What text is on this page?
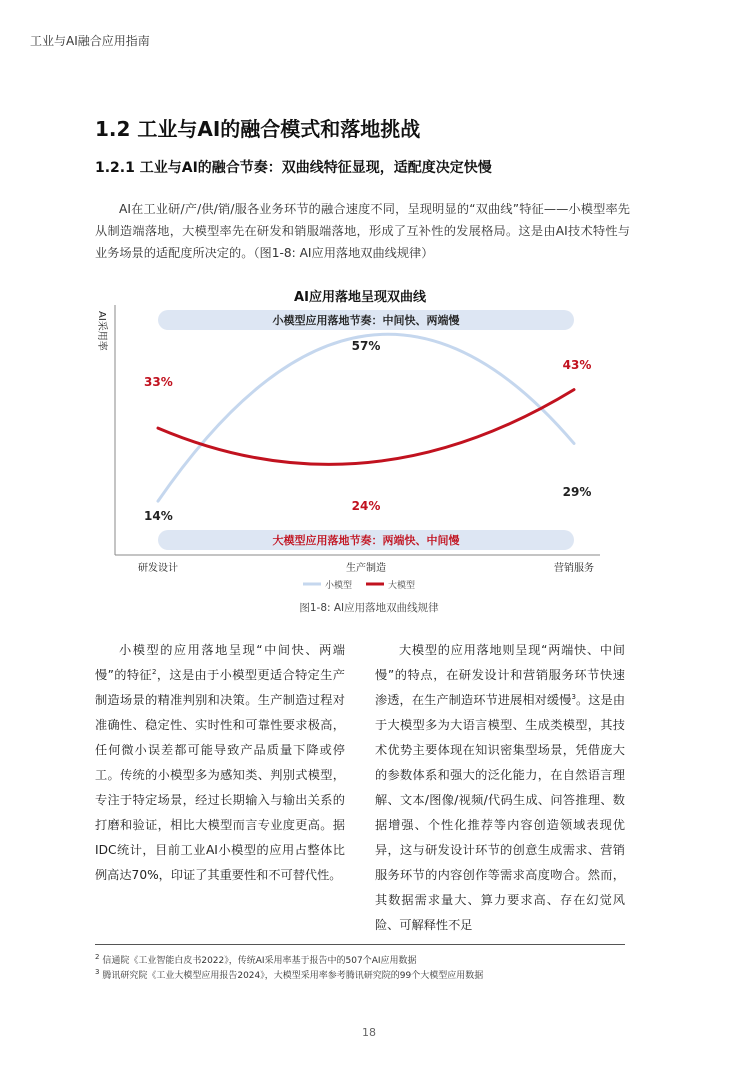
工业与AI融合应用指南
1.2 工业与AI的融合模式和落地挑战
1.2.1 工业与AI的融合节奏：双曲线特征显现，适配度决定快慢

AI在工业研/产/供/销/服各业务环节的融合速度不同，呈现明显的“双曲线”特征——小模型率先从制造端落地，大模型率先在研发和销服端落地，形成了互补性的发展格局。这是由AI技术特性与业务场景的适配度所决定的。（图1-8: AI应用落地双曲线规律）

AI应用落地呈现双曲线
小模型应用落地节奏：中间快、两端慢
大模型应用落地节奏：两端快、中间慢
AI采用率
研发设计	生产制造	营销服务
14%
57%
29%
33%
24%
43%
小模型	大模型
图1-8: AI应用落地双曲线规律

小模型的应用落地呈现“中间快、两端慢”的特征$^2$，这是由于小模型更适合特定生产制造场景的精准判别和决策。生产制造过程对准确性、稳定性、实时性和可靠性要求极高，任何微小误差都可能导致产品质量下降或停工。传统的小模型多为感知类、判别式模型，专注于特定场景，经过长期输入与输出关系的打磨和验证，相比大模型而言专业度更高。据IDC统计，目前工业AI小模型的应用占整体比例高达70%，印证了其重要性和不可替代性。

大模型的应用落地则呈现“两端快、中间慢”的特点，在研发设计和营销服务环节快速渗透，在生产制造环节进展相对缓慢$^3$。这是由于大模型多为大语言模型、生成类模型，其技术优势主要体现在知识密集型场景，凭借庞大的参数体系和强大的泛化能力，在自然语言理解、文本/图像/视频/代码生成、问答推理、数据增强、个性化推荐等内容创造领域表现优异，这与研发设计环节的创意生成需求、营销服务环节的内容创作等需求高度吻合。然而，其数据需求量大、算力要求高、存在幻觉风险、可解释性不足

$^2$ 信通院《工业智能白皮书2022》，传统AI采用率基于报告中的507个AI应用数据
$^3$ 腾讯研究院《工业大模型应用报告2024》，大模型采用率参考腾讯研究院的99个大模型应用数据
18
